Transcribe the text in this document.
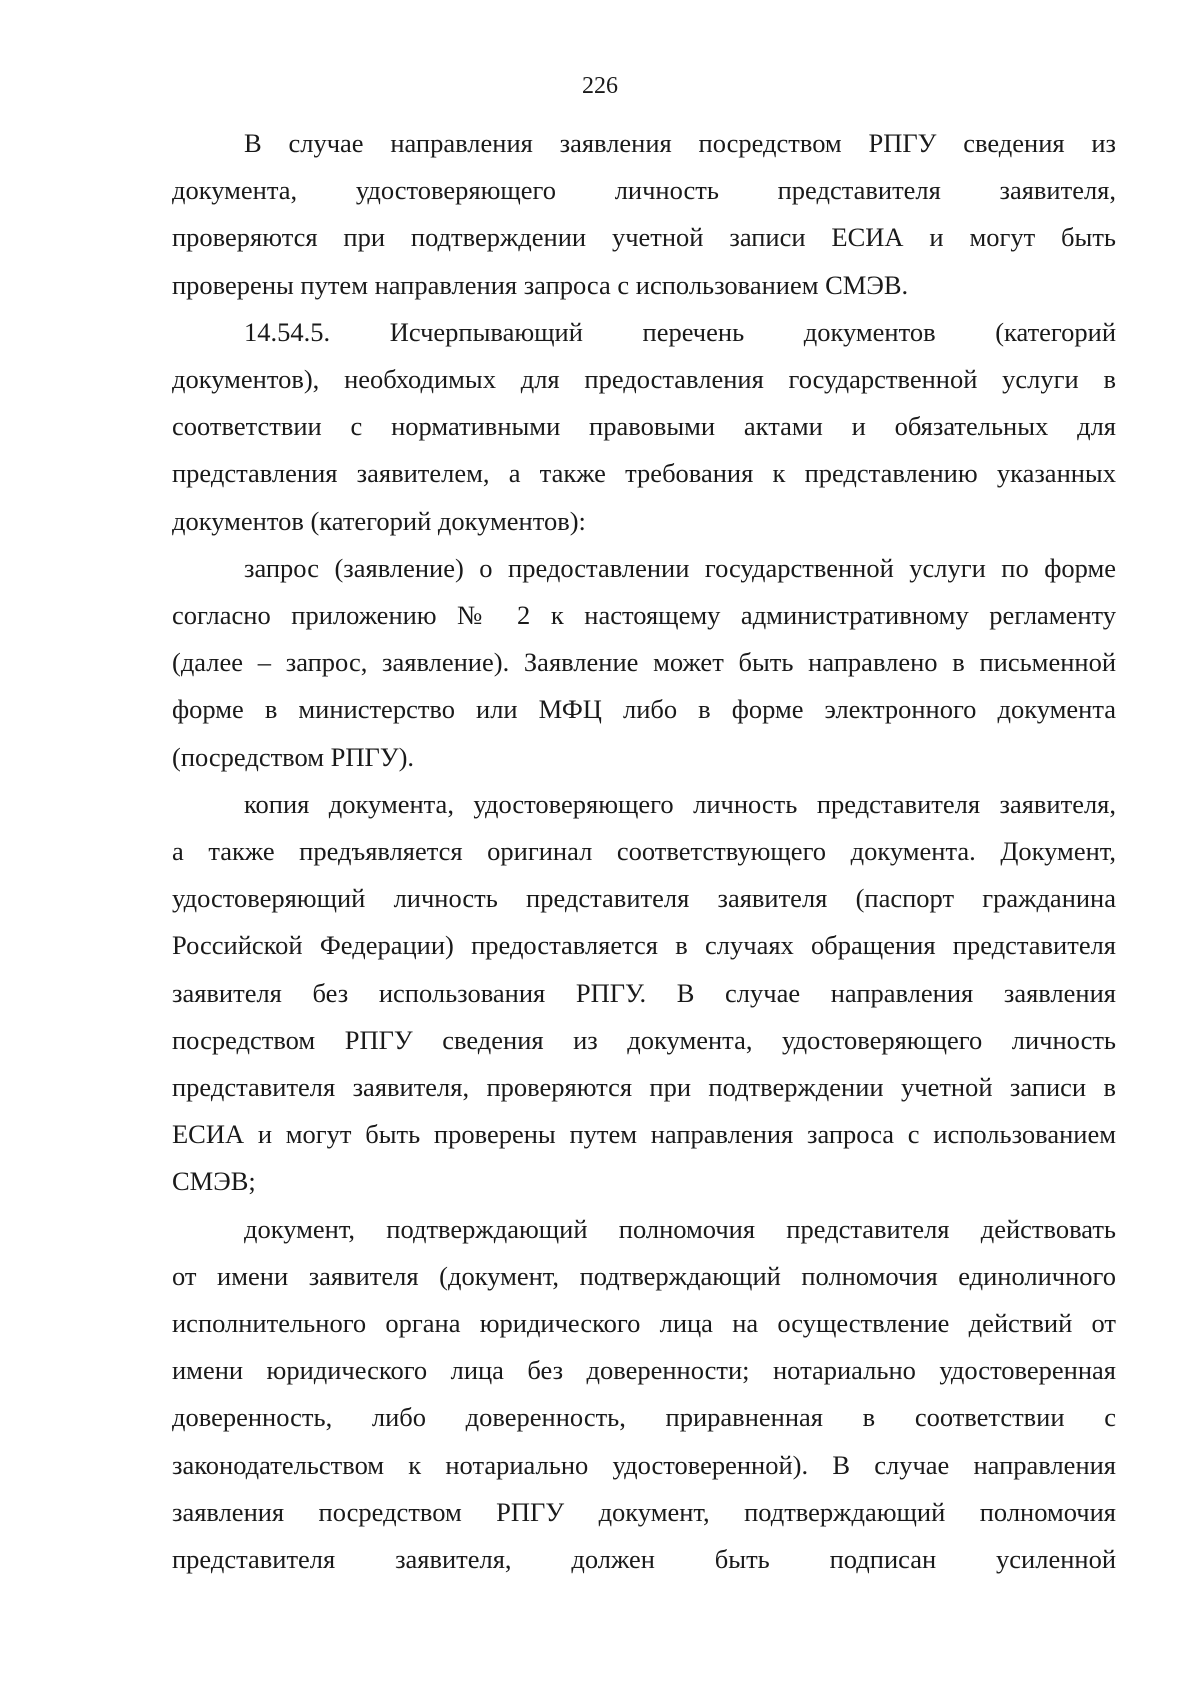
226
В случае направления заявления посредством РПГУ сведения из
документа, удостоверяющего личность представителя заявителя,
проверяются при подтверждении учетной записи ЕСИА и могут быть
проверены путем направления запроса с использованием СМЭВ.
14.54.5. Исчерпывающий перечень документов (категорий
документов), необходимых для предоставления государственной услуги в
соответствии с нормативными правовыми актами и обязательных для
представления заявителем, а также требования к представлению указанных
документов (категорий документов):
запрос (заявление) о предоставлении государственной услуги по форме
согласно приложению № 2 к настоящему административному регламенту
(далее – запрос, заявление). Заявление может быть направлено в письменной
форме в министерство или МФЦ либо в форме электронного документа
(посредством РПГУ).
копия документа, удостоверяющего личность представителя заявителя,
а также предъявляется оригинал соответствующего документа. Документ,
удостоверяющий личность представителя заявителя (паспорт гражданина
Российской Федерации) предоставляется в случаях обращения представителя
заявителя без использования РПГУ. В случае направления заявления
посредством РПГУ сведения из документа, удостоверяющего личность
представителя заявителя, проверяются при подтверждении учетной записи в
ЕСИА и могут быть проверены путем направления запроса с использованием
СМЭВ;
документ, подтверждающий полномочия представителя действовать
от имени заявителя (документ, подтверждающий полномочия единоличного
исполнительного органа юридического лица на осуществление действий от
имени юридического лица без доверенности; нотариально удостоверенная
доверенность, либо доверенность, приравненная в соответствии с
законодательством к нотариально удостоверенной). В случае направления
заявления посредством РПГУ документ, подтверждающий полномочия
представителя заявителя, должен быть подписан усиленной
